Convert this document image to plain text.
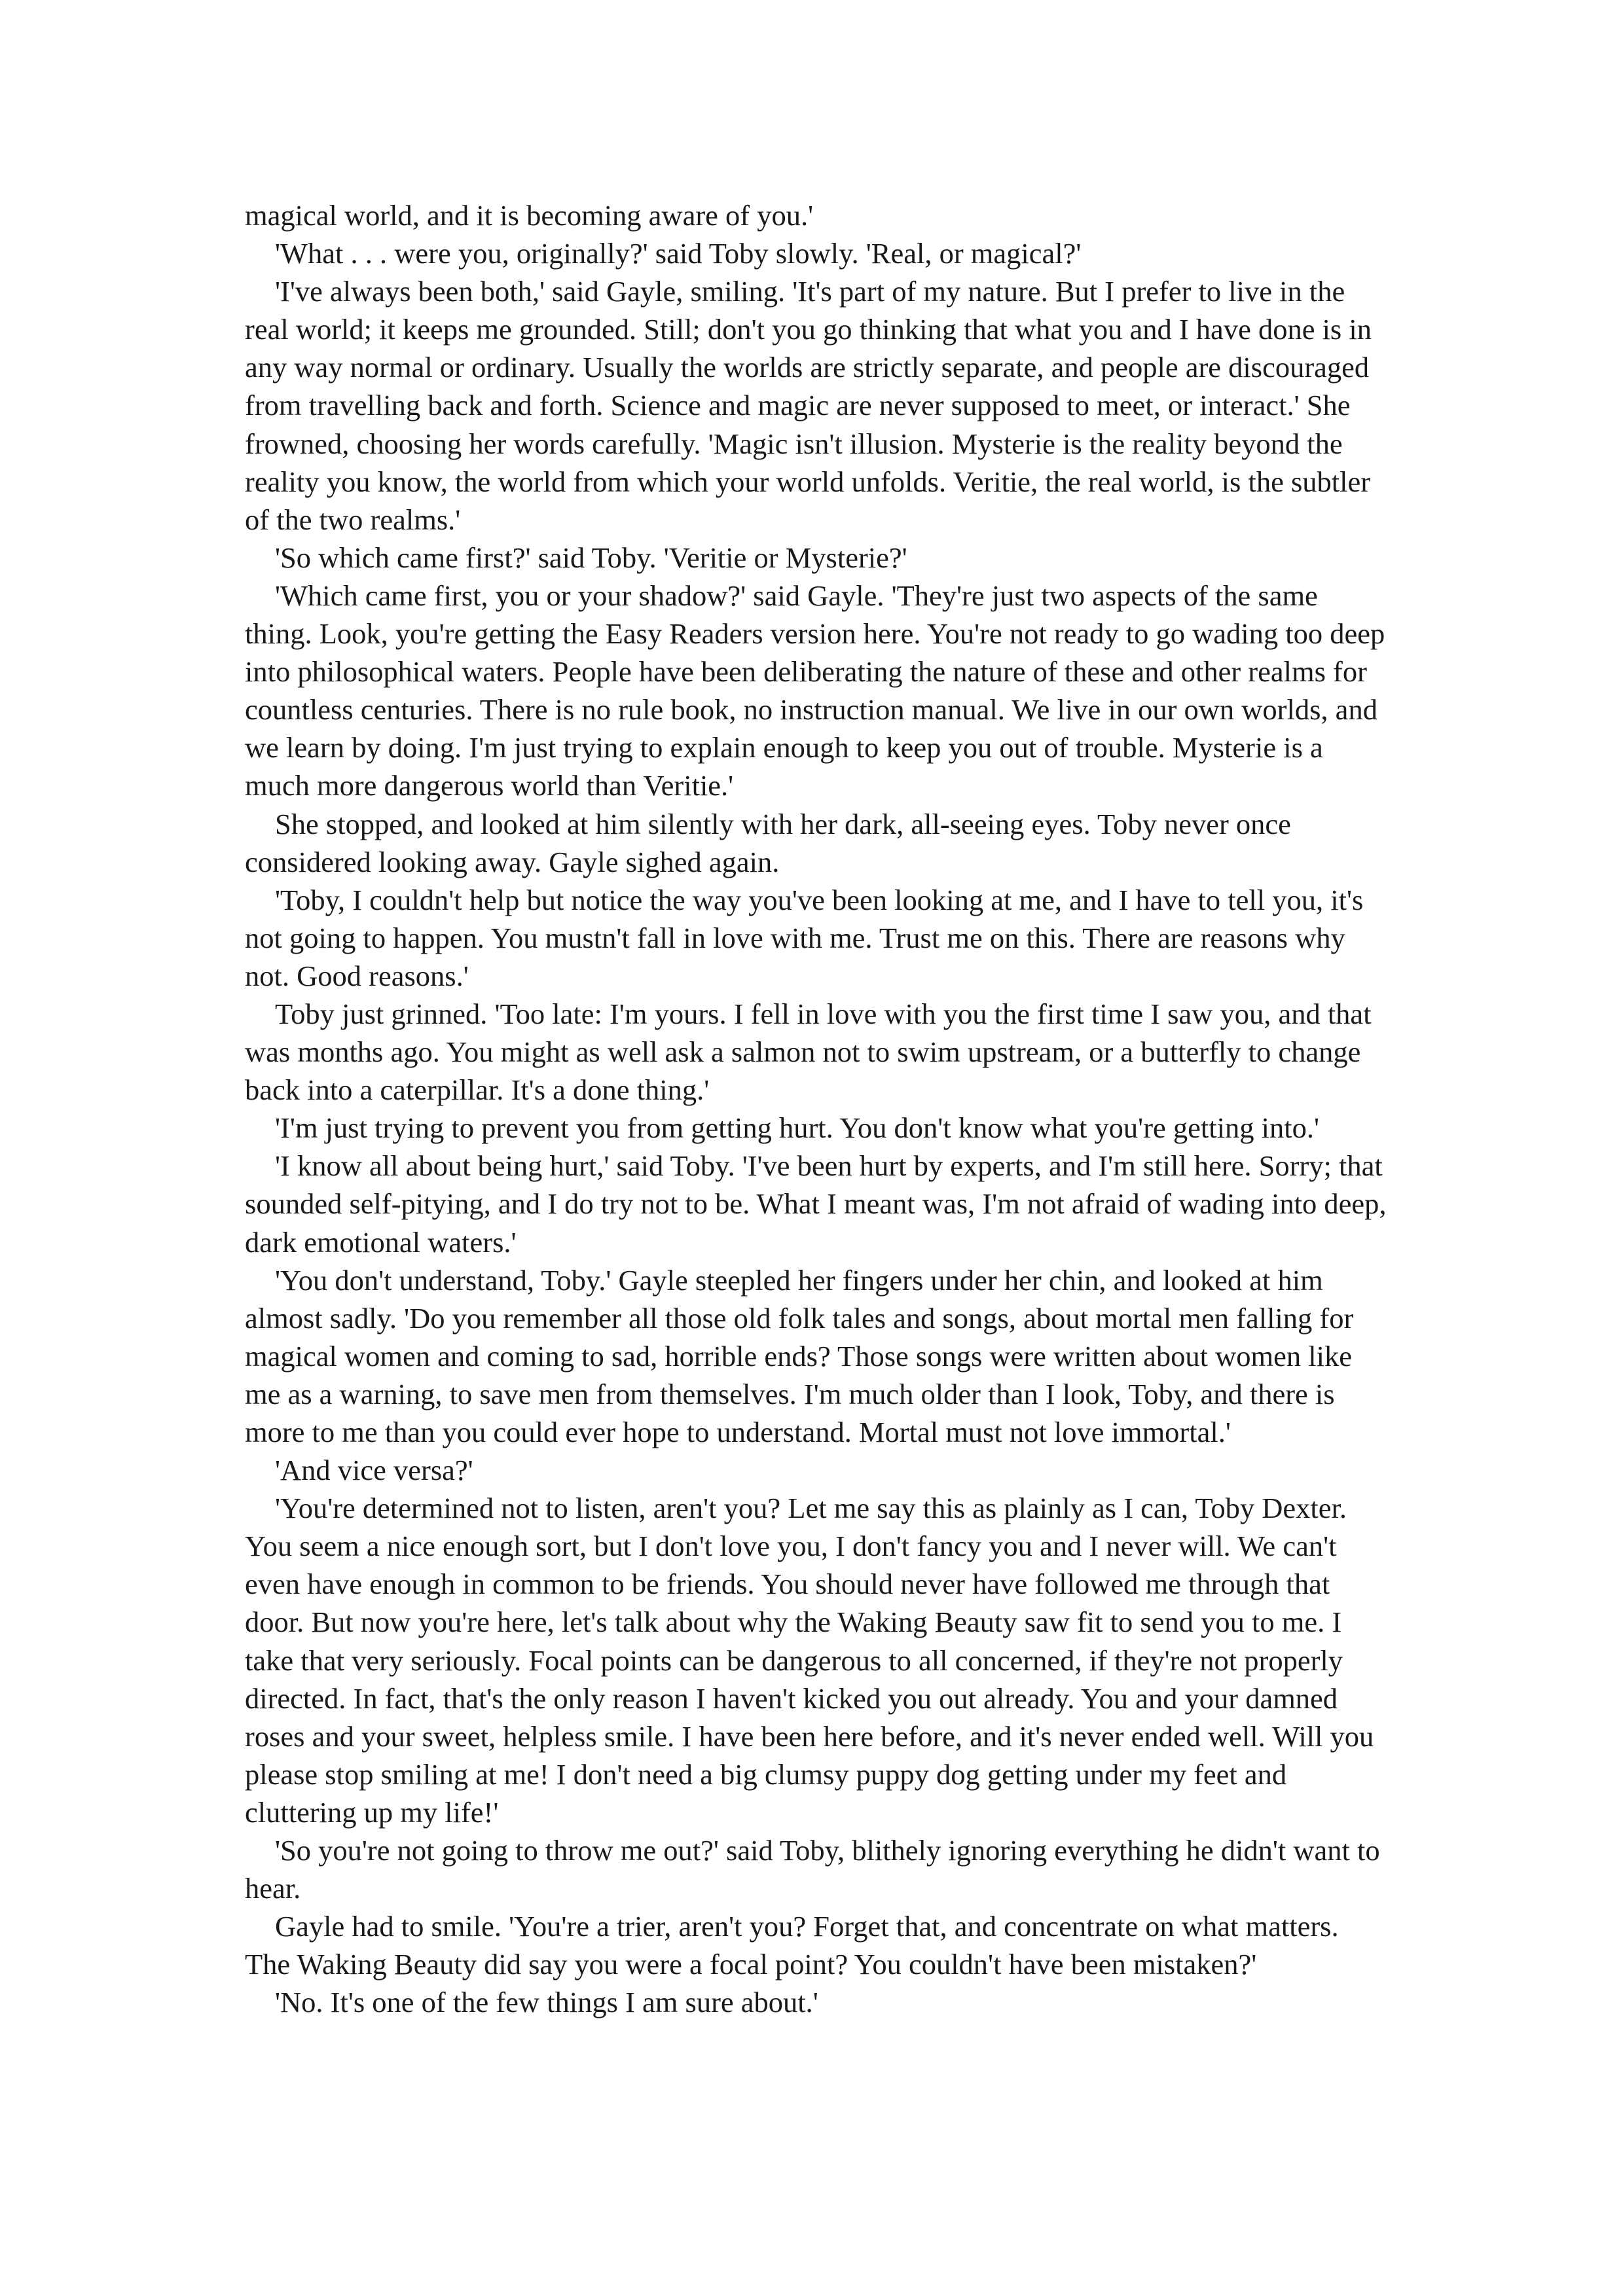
magical world, and it is becoming aware of you.'

'What . . . were you, originally?' said Toby slowly. 'Real, or magical?'

'I've always been both,' said Gayle, smiling. 'It's part of my nature. But I prefer to live in the real world; it keeps me grounded. Still; don't you go thinking that what you and I have done is in any way normal or ordinary. Usually the worlds are strictly separate, and people are discouraged from travelling back and forth. Science and magic are never supposed to meet, or interact.' She frowned, choosing her words carefully. 'Magic isn't illusion. Mysterie is the reality beyond the reality you know, the world from which your world unfolds. Veritie, the real world, is the subtler of the two realms.'

'So which came first?' said Toby. 'Veritie or Mysterie?'

'Which came first, you or your shadow?' said Gayle. 'They're just two aspects of the same thing. Look, you're getting the Easy Readers version here. You're not ready to go wading too deep into philosophical waters. People have been deliberating the nature of these and other realms for countless centuries. There is no rule book, no instruction manual. We live in our own worlds, and we learn by doing. I'm just trying to explain enough to keep you out of trouble. Mysterie is a much more dangerous world than Veritie.'

She stopped, and looked at him silently with her dark, all-seeing eyes. Toby never once considered looking away. Gayle sighed again.

'Toby, I couldn't help but notice the way you've been looking at me, and I have to tell you, it's not going to happen. You mustn't fall in love with me. Trust me on this. There are reasons why not. Good reasons.'

Toby just grinned. 'Too late: I'm yours. I fell in love with you the first time I saw you, and that was months ago. You might as well ask a salmon not to swim upstream, or a butterfly to change back into a caterpillar. It's a done thing.'

'I'm just trying to prevent you from getting hurt. You don't know what you're getting into.'

'I know all about being hurt,' said Toby. 'I've been hurt by experts, and I'm still here. Sorry; that sounded self-pitying, and I do try not to be. What I meant was, I'm not afraid of wading into deep, dark emotional waters.'

'You don't understand, Toby.' Gayle steepled her fingers under her chin, and looked at him almost sadly. 'Do you remember all those old folk tales and songs, about mortal men falling for magical women and coming to sad, horrible ends? Those songs were written about women like me as a warning, to save men from themselves. I'm much older than I look, Toby, and there is more to me than you could ever hope to understand. Mortal must not love immortal.'

'And vice versa?'

'You're determined not to listen, aren't you? Let me say this as plainly as I can, Toby Dexter. You seem a nice enough sort, but I don't love you, I don't fancy you and I never will. We can't even have enough in common to be friends. You should never have followed me through that door. But now you're here, let's talk about why the Waking Beauty saw fit to send you to me. I take that very seriously. Focal points can be dangerous to all concerned, if they're not properly directed. In fact, that's the only reason I haven't kicked you out already. You and your damned roses and your sweet, helpless smile. I have been here before, and it's never ended well. Will you please stop smiling at me! I don't need a big clumsy puppy dog getting under my feet and cluttering up my life!'

'So you're not going to throw me out?' said Toby, blithely ignoring everything he didn't want to hear.

Gayle had to smile. 'You're a trier, aren't you? Forget that, and concentrate on what matters. The Waking Beauty did say you were a focal point? You couldn't have been mistaken?'

'No. It's one of the few things I am sure about.'
